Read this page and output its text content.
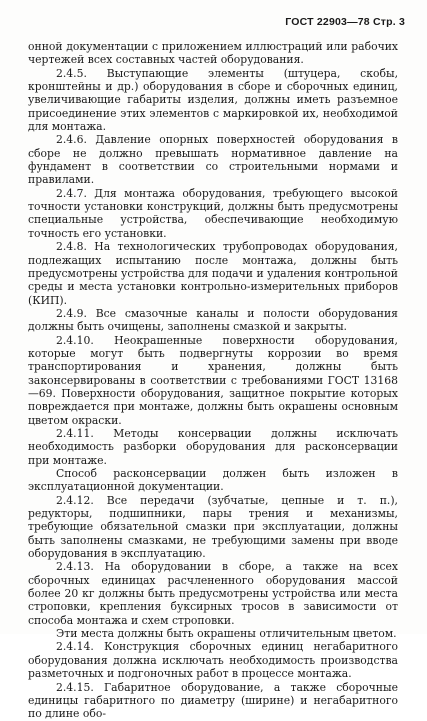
ГОСТ 22903—78 Стр. 3

онной документации с приложением иллюстраций или рабочих чертежей всех составных частей оборудования.

2.4.5. Выступающие элементы (штуцера, скобы, кронштейны и др.) оборудования в сборе и сборочных единиц, увеличивающие габариты изделия, должны иметь разъемное присоединение этих элементов с маркировкой их, необходимой для монтажа.

2.4.6. Давление опорных поверхностей оборудования в сборе не должно превышать нормативное давление на фундамент в соответствии со строительными нормами и правилами.

2.4.7. Для монтажа оборудования, требующего высокой точности установки конструкций, должны быть предусмотрены специальные устройства, обеспечивающие необходимую точность его установки.

2.4.8. На технологических трубопроводах оборудования, подлежащих испытанию после монтажа, должны быть предусмотрены устройства для подачи и удаления контрольной среды и места установки контрольно-измерительных приборов (КИП).

2.4.9. Все смазочные каналы и полости оборудования должны быть очищены, заполнены смазкой и закрыты.

2.4.10. Неокрашенные поверхности оборудования, которые могут быть подвергнуты коррозии во время транспортирования и хранения, должны быть законсервированы в соответствии с требованиями ГОСТ 13168—69. Поверхности оборудования, защитное покрытие которых повреждается при монтаже, должны быть окрашены основным цветом окраски.

2.4.11. Методы консервации должны исключать необходимость разборки оборудования для расконсервации при монтаже.

Способ расконсервации должен быть изложен в эксплуатационной документации.

2.4.12. Все передачи (зубчатые, цепные и т. п.), редукторы, подшипники, пары трения и механизмы, требующие обязательной смазки при эксплуатации, должны быть заполнены смазками, не требующими замены при вводе оборудования в эксплуатацию.

2.4.13. На оборудовании в сборе, а также на всех сборочных единицах расчлененного оборудования массой более 20 кг должны быть предусмотрены устройства или места строповки, крепления буксирных тросов в зависимости от способа монтажа и схем строповки.

Эти места должны быть окрашены отличительным цветом.

2.4.14. Конструкция сборочных единиц негабаритного оборудования должна исключать необходимость производства разметочных и подгоночных работ в процессе монтажа.

2.4.15. Габаритное оборудование, а также сборочные единицы габаритного по диаметру (ширине) и негабаритного по длине обо-
